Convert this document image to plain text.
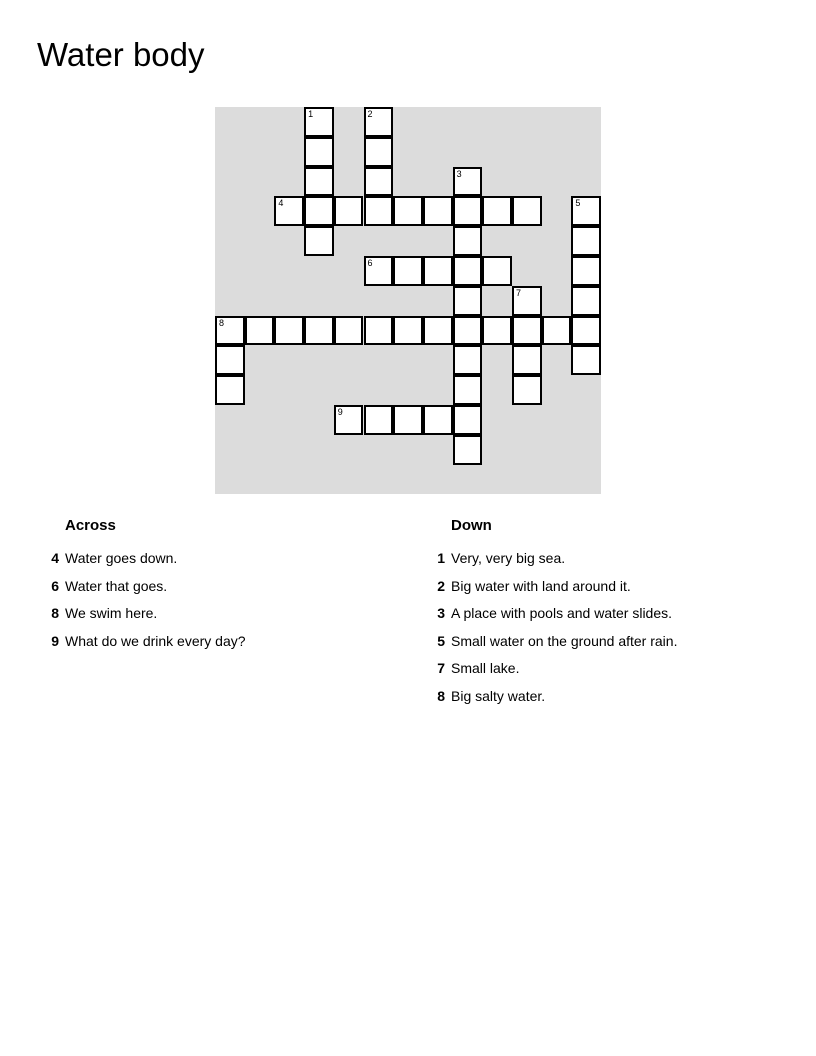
Water body
1	2
3
4	5
6
7
8
9
Across
4 Water goes down.
6 Water that goes.
8 We swim here.
9 What do we drink every day?
Down
1 Very, very big sea.
2 Big water with land around it.
3 A place with pools and water slides.
5 Small water on the ground after rain.
7 Small lake.
8 Big salty water.
